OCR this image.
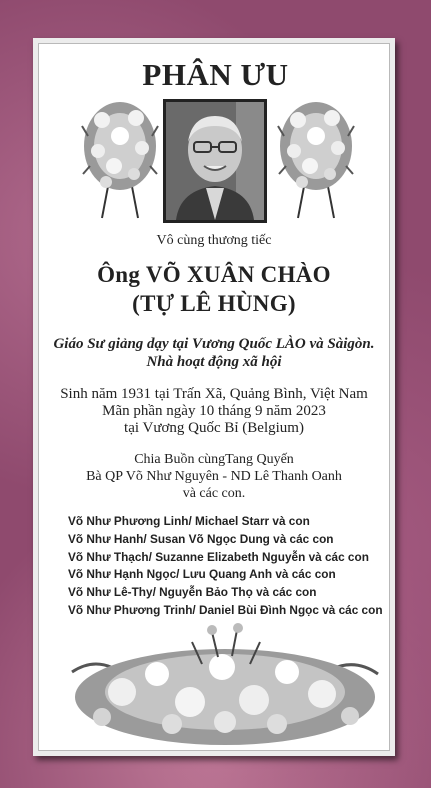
PHÂN ƯU
Vô cùng thương tiếc
Ông VÕ XUÂN CHÀO
(TỰ LÊ HÙNG)
Giáo Sư giảng dạy tại Vương Quốc LÀO và Sàigòn.
Nhà hoạt động xã hội
Sinh năm 1931 tại Trấn Xã, Quảng Bình, Việt Nam
Mãn phần ngày 10 tháng 9 năm 2023
tại Vương Quốc Bỉ (Belgium)
Chia Buồn cùngTang Quyến
Bà QP Võ Như Nguyên - ND Lê Thanh Oanh
và các con.
Võ Như Phương Linh/ Michael Starr và con
Võ Như Hanh/ Susan Võ Ngọc Dung và các con
Võ Như Thạch/ Suzanne Elizabeth Nguyễn và các con
Võ Như Hạnh Ngọc/ Lưu Quang Anh và các con
Võ Như Lê-Thy/ Nguyễn Bảo Thọ và các con
Võ Như Phương Trinh/ Daniel Bùi Đình Ngọc và các con
